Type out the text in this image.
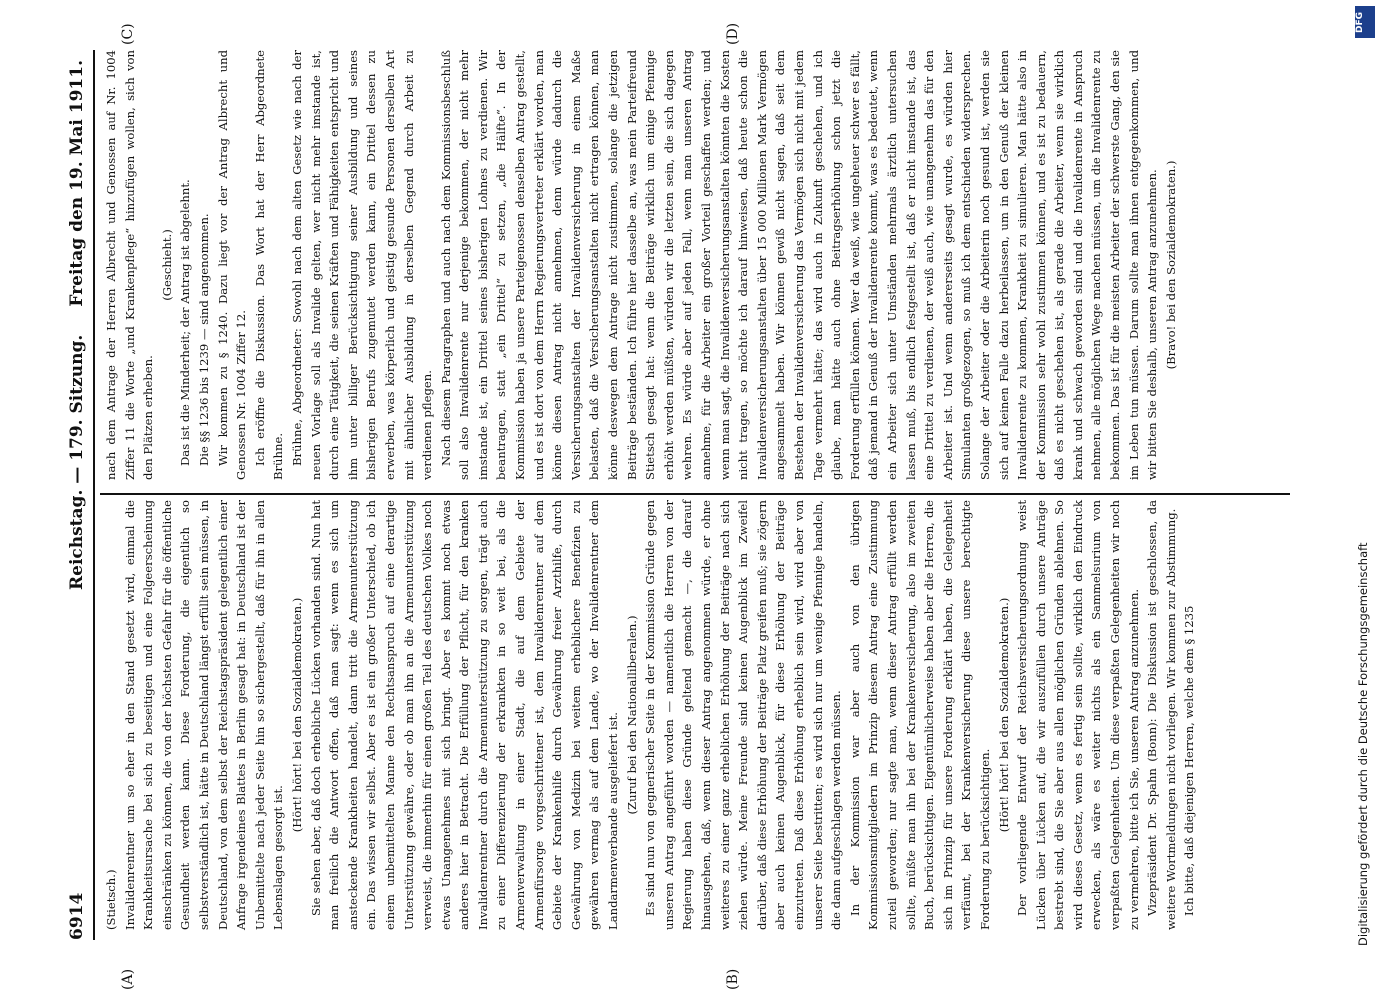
6914
Reichstag. — 179. Sitzung.
Freitag den 19. Mai 1911.
(A)	(B)
(C)	(D)

(Stietsch.) Invalidenrentner um so eher in den Stand gesetzt wird, einmal die Krankheitsursache bei sich zu beseitigen und eine Folgeerscheinung einschränken zu können, die von der höchsten Gefahr für die öffentliche Gesundheit werden kann. Diese Forderung, die eigentlich so selbstverständlich ist, hätte in Deutschland längst erfüllt sein müssen, in Deutschland, von dem selbst der Reichstagspräsident gelegentlich einer Anfrage irgendeines Blattes in Berlin gesagt hat: in Deutschland ist der Unbemittelte nach jeder Seite hin so sichergestellt, daß für ihn in allen Lebenslagen gesorgt ist.

(Hört! hört! bei den Sozialdemokraten.) Sie sehen aber, daß doch erhebliche Lücken vorhanden sind. Nun hat man freilich die Antwort offen, daß man sagt: wenn es sich um ansteckende Krankheiten handelt, dann tritt die Armenunterstützung ein. Das wissen wir selbst. Aber es ist ein großer Unterschied, ob ich einem unbemittelten Manne den Rechtsanspruch auf eine derartige Unterstützung gewähre, oder ob man ihn an die Armenunterstützung verweist, die immerhin für einen großen Teil des deutschen Volkes noch etwas Unangenehmes mit sich bringt. Aber es kommt noch etwas anderes hier in Betracht. Die Erfüllung der Pflicht, für den kranken Invalidenrentner durch die Armenunterstützung zu sorgen, trägt auch zu einer Differenzierung der erkrankten in so weit bei, als die Armenverwaltung in einer Stadt, die auf dem Gebiete der Armenfürsorge vorgeschrittener ist, dem Invalidenrentner auf dem Gebiete der Krankenhilfe durch Gewährung freier Arzthilfe, durch Gewährung von Medizin bei weitem erheblichere Benefizien zu gewähren vermag als auf dem Lande, wo der Invalidenrentner dem Landarmenverbande ausgeliefert ist. (Zuruf bei den Nationalliberalen.) Es sind nun von gegnerischer Seite in der Kommission Gründe gegen unseren Antrag angeführt worden — namentlich die Herren von der Regierung haben diese Gründe geltend gemacht —, die darauf hinausgehen, daß, wenn dieser Antrag angenommen würde, er ohne weiteres zu einer ganz erheblichen Erhöhung der Beiträge nach sich ziehen würde. Meine Freunde sind keinen Augenblick im Zweifel darüber, daß diese Erhöhung der Beiträge Platz greifen muß; sie zögern aber auch keinen Augenblick, für diese Erhöhung der Beiträge einzutreten. Daß diese Erhöhung erheblich sein wird, wird aber von unserer Seite bestritten; es wird sich nur um wenige Pfennige handeln, die dann aufgeschlagen werden müssen. In der Kommission war aber auch von den übrigen Kommissionsmitgliedern im Prinzip diesem Antrag eine Zustimmung zuteil geworden; nur sagte man, wenn dieser Antrag erfüllt werden sollte, müßte man ihn bei der Krankenversicherung, also im zweiten Buch, berücksichtigen. Eigentümlicherweise haben aber die Herren, die sich im Prinzip für unsere Forderung erklärt haben, die Gelegenheit verfäumt, bei der Krankenversicherung diese unsere berechtigte Forderung zu berücksichtigen.

(Hört! hört! bei den Sozialdemokraten.) Der vorliegende Entwurf der Reichsversicherungsordnung weist Lücken über Lücken auf, die wir auszufüllen durch unsere Anträge bestrebt sind, die Sie aber aus allen möglichen Gründen ablehnen. So wird dieses Gesetz, wenn es fertig sein sollte, wirklich den Eindruck erwecken, als wäre es weiter nichts als ein Sammelsurium von verpaßten Gelegenheiten. Um diese verpaßten Gelegenheiten wir noch zu vermehren, bitte ich Sie, unseren Antrag anzunehmen. Vizepräsident Dr. Spahn (Bonn): Die Diskussion ist geschlossen, da weitere Wortmeldungen nicht vorliegen. Wir kommen zur Abstimmung. Ich bitte, daß diejenigen Herren, welche dem § 1235

nach dem Antrage der Herren Albrecht und Genossen auf Nr. 1004 Ziffer 11 die Worte „und Krankenpflege“ hinzufügen wollen, sich von den Plätzen erheben.

(Geschieht.) Das ist die Minderheit; der Antrag ist abgelehnt. Die §§ 1236 bis 1239 — sind angenommen. Wir kommen zu § 1240. Dazu liegt vor der Antrag Albrecht und Genossen Nr. 1004 Ziffer 12. Ich eröffne die Diskussion. Das Wort hat der Herr Abgeordnete Brühne. Brühne, Abgeordneter: Sowohl nach dem alten Gesetz wie nach der neuen Vorlage soll als Invalide gelten, wer nicht mehr imstande ist, durch eine Tätigkeit, die seinen Kräften und Fähigkeiten entspricht und ihm unter billiger Berücksichtigung seiner Ausbildung und seines bisherigen Berufs zugemutet werden kann, ein Drittel dessen zu erwerben, was körperlich und geistig gesunde Personen derselben Art mit ähnlicher Ausbildung in derselben Gegend durch Arbeit zu verdienen pflegen. Nach diesem Paragraphen und auch nach dem Kommissionsbeschluß soll also Invalidenrente nur derjenige bekommen, der nicht mehr imstande ist, ein Drittel seines bisherigen Lohnes zu verdienen. Wir beantragen, statt „ein Drittel“ zu setzen, „die Hälfte“. In der Kommission haben ja unsere Parteigenossen denselben Antrag gestellt, und es ist dort von dem Herrn Regierungsvertreter erklärt worden, man könne diesen Antrag nicht annehmen, denn würde dadurch die Versicherungsanstalten der Invalidenversicherung in einem Maße belasten, daß die Versicherungsanstalten nicht ertragen können, man könne deswegen dem Antrage nicht zustimmen, solange die jetzigen Beiträge beständen. Ich führe hier dasselbe an, was mein Parteifreund Stietsch gesagt hat: wenn die Beiträge wirklich um einige Pfennige erhöht werden müßten, würden wir die letzten sein, die sich dagegen wehren. Es würde aber auf jeden Fall, wenn man unseren Antrag annehme, für die Arbeiter ein großer Vorteil geschaffen werden; und wenn man sagt, die Invalidenversicherungsanstalten könnten die Kosten nicht tragen, so möchte ich darauf hinweisen, daß heute schon die Invalidenversicherungsanstalten über 15 000 Millionen Mark Vermögen angesammelt haben. Wir können gewiß nicht sagen, daß seit dem Bestehen der Invalidenversicherung das Vermögen sich nicht mit jedem Tage vermehrt hätte; das wird auch in Zukunft geschehen, und ich glaube, man hätte auch ohne Beitragserhöhung schon jetzt die Forderung erfüllen können. Wer da weiß, wie ungeheuer schwer es fällt, daß jemand in Genuß der Invalidenrente kommt, was es bedeutet, wenn ein Arbeiter sich unter Umständen mehrmals ärztlich untersuchen lassen muß, bis endlich festgestellt ist, daß er nicht imstande ist, das eine Drittel zu verdienen, der weiß auch, wie unangenehm das für den Arbeiter ist. Und wenn andererseits gesagt wurde, es würden hier Simulanten großgezogen, so muß ich dem entschieden widersprechen. Solange der Arbeiter oder die Arbeiterin noch gesund ist, werden sie sich auf keinen Falle dazu herbeilassen, um in den Genuß der kleinen Invalidenrente zu kommen, Krankheit zu simulieren. Man hätte also in der Kommission sehr wohl zustimmen können, und es ist zu bedauern, daß es nicht geschehen ist, als gerade die Arbeiter, wenn sie wirklich krank und schwach geworden sind und die Invalidenrente in Anspruch nehmen, alle möglichen Wege machen müssen, um die Invalidenrente zu bekommen. Das ist für die meisten Arbeiter der schwerste Gang, den sie im Leben tun müssen. Darum sollte man ihnen entgegenkommen, und wir bitten Sie deshalb, unseren Antrag anzunehmen. (Bravo! bei den Sozialdemokraten.)

DFG
Digitalisierung gefördert durch die Deutsche Forschungsgemeinschaft
